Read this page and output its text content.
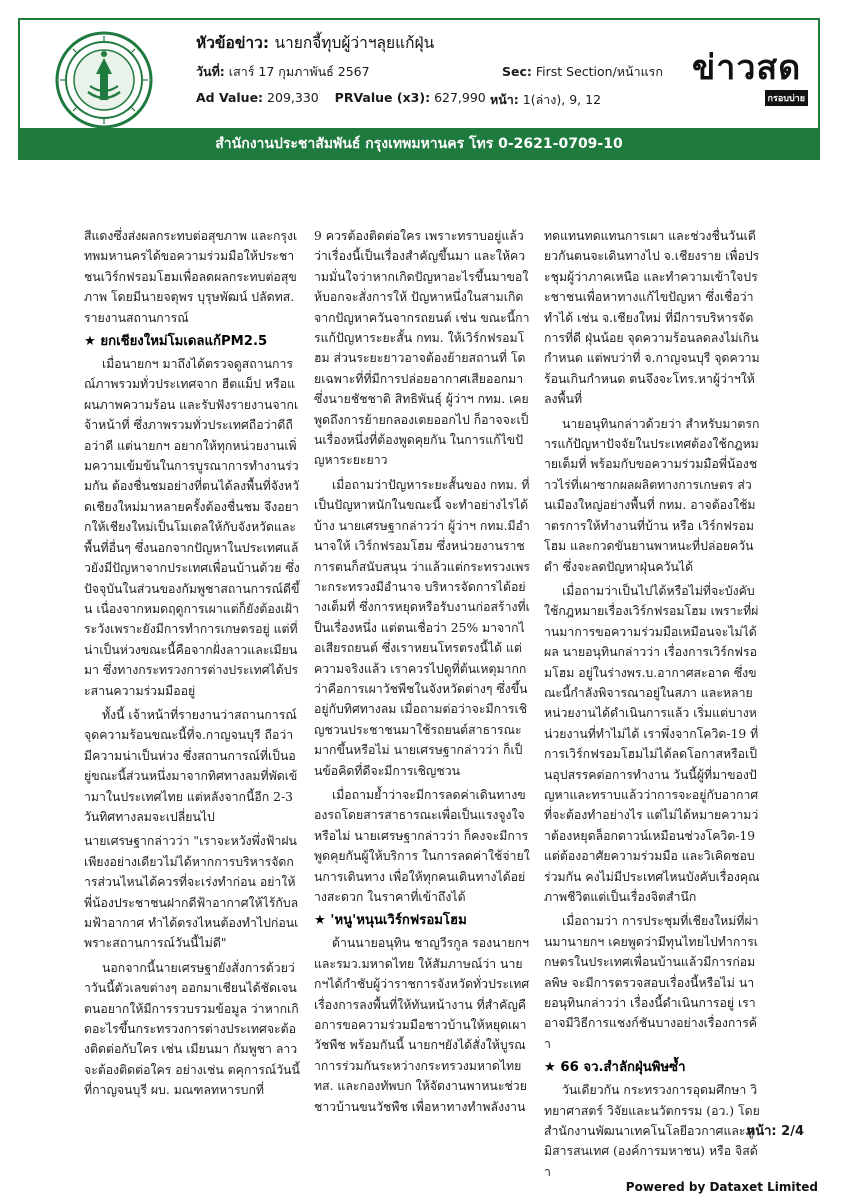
หัวข้อข่าว: นายกจี้ทุบผู้ว่าฯลุยแก้ฝุ่น
วันที่: เสาร์ 17 กุมภาพันธ์ 2567	Sec: First Section/หน้าแรก
Ad Value: 209,330 PRValue (x3): 627,990 หน้า: 1(ล่าง), 9, 12
ข่าวสด
กรอบบ่าย
สำนักงานประชาสัมพันธ์ กรุงเทพมหานคร โทร 0-2621-0709-10

สีแดงซึ่งส่งผลกระทบต่อสุขภาพ และกรุงเทพมหานครได้ขอความร่วมมือให้ประชาชนเวิร์กฟรอมโฮมเพื่อลดผลกระทบต่อสุขภาพ โดยมีนายจตุพร บุรุษพัฒน์ ปลัดทส. รายงานสถานการณ์

★ ยกเชียงใหม่โมเดลแก้PM2.5

เมื่อนายกฯ มาถึงได้ตรวจดูสถานการณ์ภาพรวมทั่วประเทศจาก ฮีตแม็ป หรือแผนภาพความร้อน และรับฟังรายงานจากเจ้าหน้าที่ ซึ่งภาพรวมทั่วประเทศถือว่าดีถือว่าดี แต่นายกฯ อยากให้ทุกหน่วยงานเพิ่มความเข้มข้นในการบูรณาการทำงานร่วมกัน ต้องชื่นชมอย่างที่ตนได้ลงพื้นที่จังหวัดเชียงใหม่มาหลายครั้งต้องชื่นชม จึงอยากให้เชียงใหม่เป็นโมเดลให้กับจังหวัดและพื้นที่อื่นๆ ซึ่งนอกจากปัญหาในประเทศแล้วยังมีปัญหาจากประเทศเพื่อนบ้านด้วย ซึ่งปัจจุบันในส่วนของกัมพูชาสถานการณ์ดีขึ้น เนื่องจากหมดฤดูการเผาแต่ก็ยังต้องเฝ้าระวังเพราะยังมีการทำการเกษตรอยู่ แต่ที่น่าเป็นห่วงขณะนี้คือจากฝั่งลาวและเมียนมา ซึ่งทางกระทรวงการต่างประเทศได้ประสานความร่วมมืออยู่

ทั้งนี้ เจ้าหน้าที่รายงานว่าสถานการณ์จุดความร้อนขณะนี้ที่จ.กาญจนบุรี ถือว่ามีความน่าเป็นห่วง ซึ่งสถานการณ์ที่เป็นอยู่ขณะนี้ส่วนหนึ่งมาจากทิศทางลมที่พัดเข้ามาในประเทศไทย แต่หลังจากนี้อีก 2-3 วันทิศทางลมจะเปลี่ยนไป

นายเศรษฐากล่าวว่า "เราจะหวังพึ่งฟ้าฝนเพียงอย่างเดียวไม่ได้หากการบริหารจัดการส่วนไหนได้ควรที่จะเร่งทำก่อน อย่าให้พี่น้องประชาชนฝากดีฟ้าอากาศให้ไร้กับลมฟ้าอากาศ ทำได้ตรงไหนต้องทำไปก่อนเพราะสถานการณ์วันนี้ไม่ดี"

นอกจากนี้นายเศรษฐายังสั่งการด้วยว่าวันนี้ตัวเลขต่างๆ ออกมาเชียนได้ชัดเจนตนอยากให้มีการรวบรวมข้อมูล ว่าหากเกิดอะไรขึ้นกระทรวงการต่างประเทศจะต้องติดต่อกับใคร เช่น เมียนมา กัมพูชา ลาว จะต้องติดต่อใคร อย่างเช่น ตคุการณ์วันนี้ที่กาญจนบุรี ผบ. มณฑลทหารบกที่

9 ควรต้องติดต่อใคร เพราะทราบอยู่แล้วว่าเรื่องนี้เป็นเรื่องสำคัญขึ้นมา และให้ความมั่นใจว่าหากเกิดปัญหาอะไรขึ้นมาขอให้บอกจะสั่งการให้ ปัญหาหนึ่งในสามเกิดจากปัญหาควันจากรถยนต์ เช่น ขณะนี้การแก้ปัญหาระยะสั้น กทม. ให้เวิร์กฟรอมโฮม ส่วนระยะยาวอาจต้องย้ายสถานที่ โดยเฉพาะที่ที่มีการปล่อยอากาศเสียออกมา ซึ่งนายชัชชาติ สิทธิพันธุ์ ผู้ว่าฯ กทม. เคยพูดถึงการย้ายกลองเตยออกไป ก็อาจจะเป็นเรื่องหนึ่งที่ต้องพูดคุยกัน ในการแก้ไขปัญหาระยะยาว

เมื่อถามว่าปัญหาระยะสั้นของ กทม. ที่เป็นปัญหาหนักในขณะนี้ จะทำอย่างไรได้บ้าง นายเศรษฐากล่าวว่า ผู้ว่าฯ กทม.มีอำนาจให้ เวิร์กฟรอมโฮม ซึ่งหน่วยงานราชการตนก็สนับสนุน ว่าแล้วแต่กระทรวงเพราะกระทรวงมีอำนาจ บริหารจัดการได้อย่างเต็มที่ ซึ่งการหยุดหรือรับงานก่อสร้างที่เป็นเรื่องหนึ่ง แต่ตนเชื่อว่า 25% มาจากไอเสียรถยนต์ ซึ่งเราหยนโทรตรงนี้ได้ แต่ความจริงแล้ว เราควรไปดูที่ต้นเหตุมากกว่าคือการเผาวัชพืชในจังหวัดต่างๆ ซึ่งขึ้นอยู่กับทิศทางลม เมื่อถามต่อว่าจะมีการเชิญชวนประชาชนมาใช้รถยนต์สาธารณะ มากขึ้นหรือไม่ นายเศรษฐากล่าวว่า ก็เป็นข้อคิดที่ดีจะมีการเชิญชวน

เมื่อถามย้ำว่าจะมีการลดค่าเดินทางของรถโดยสารสาธารณะเพื่อเป็นแรงจูงใจหรือไม่ นายเศรษฐากล่าวว่า ก็คงจะมีการพูดคุยกันผู้ให้บริการ ในการลดค่าใช้จ่ายในการเดินทาง เพื่อให้ทุกคนเดินทางได้อย่างสะดวก ในราคาที่เข้าถึงได้

★ 'หนู'หนุนเวิร์กฟรอมโฮม

ด้านนายอนุทิน ชาญวีรกูล รองนายกฯ และรมว.มหาดไทย ให้สัมภาษณ์ว่า นายกฯได้กำชับผู้ว่าราชการจังหวัดทั่วประเทศเรื่องการลงพื้นที่ให้ทันหน้างาน ที่สำคัญคือการขอความร่วมมือชาวบ้านให้หยุดเผาวัชพืช พร้อมกันนี้ นายกฯยังได้สั่งให้บูรณาการร่วมกันระหว่างกระทรวงมหาดไทย ทส. และกองทัพบก ให้จัดงานพาหนะช่วยชาวบ้านขนวัชพืช เพื่อหาทางทำพลังงาน

ทดแทนทดแทนการเผา และช่วงชื่นวันเดียวกันตนจะเดินทางไป จ.เชียงราย เพื่อประชุมผู้ว่าภาคเหนือ และทำความเข้าใจประชาชนเพื่อหาทางแก้ไขปัญหา ซึ่งเชื่อว่าทำได้ เช่น จ.เชียงใหม่ ที่มีการบริหารจัดการที่ดี ฝุ่นน้อย จุดความร้อนลดลงไม่เกินกำหนด แต่พบว่าที่ จ.กาญจนบุรี จุดความร้อนเกินกำหนด ตนจึงจะโทร.หาผู้ว่าฯให้ลงพื้นที่

นายอนุทินกล่าวด้วยว่า สำหรับมาตรการแก้ปัญหาปัจจัยในประเทศต้องใช้กฎหมายเต็มที่ พร้อมกับขอความร่วมมือพี่น้องชาวไร่ที่เผาซากผลผลิตทางการเกษตร ส่วนเมืองใหญ่อย่างพื้นที่ กทม. อาจต้องใช้มาตรการให้ทำงานที่บ้าน หรือ เวิร์กฟรอมโฮม และกวดขันยานพาหนะที่ปล่อยควันดำ ซึ่งจะลดปัญหาฝุ่นควันได้

เมื่อถามว่าเป็นไปได้หรือไม่ที่จะบังคับใช้กฎหมายเรื่องเวิร์กฟรอมโฮม เพราะที่ผ่านมาการขอความร่วมมือเหมือนจะไม่ได้ผล นายอนุทินกล่าวว่า เรื่องการเวิร์กฟรอมโฮม อยู่ในร่างพร.บ.อากาศสะอาด ซึ่งขณะนี้กำลังพิจารณาอยู่ในสภา และหลายหน่วยงานได้ดำเนินการแล้ว เริ่มแต่บางหน่วยงานที่ทำไม่ได้ เราพึ่งจากโควิด-19 ที่การเวิร์กฟรอมโฮมไม่ได้ลดโอกาสหรือเป็นอุปสรรคต่อการทำงาน วันนี้ผู้ที่มาของปัญหาและทราบแล้วว่าการจะอยู่กับอากาศที่จะต้องทำอย่างไร แต่ไม่ได้หมายความว่าต้องหยุดล็อกดาวน์เหมือนช่วงโควิด-19 แต่ต้องอาศัยความร่วมมือ และวิเคิดชอบร่วมกัน คงไม่มีประเทศไหนบังคับเรื่องคุณภาพชีวิตแต่เป็นเรื่องจิตสำนึก

เมื่อถามว่า การประชุมที่เชียงใหม่ที่ผ่านมานายกฯ เคยพูดว่ามีทุนไทยไปทำการเกษตรในประเทศเพื่อนบ้านแล้วมีการก่อมลพิษ จะมีการตรวจสอบเรื่องนี้หรือไม่ นายอนุทินกล่าวว่า เรื่องนี้ดำเนินการอยู่ เราอาจมีวิธีการแชงก์ชันบางอย่างเรื่องการค้า

★ 66 จว.สำลักฝุ่นพิษซ้ำ

วันเดียวกัน กระทรวงการอุดมศึกษา วิทยาศาสตร์ วิจัยและนวัตกรรม (อว.) โดยสำนักงานพัฒนาเทคโนโลยีอวกาศและภูมิสารสนเทศ (องค์การมหาชน) หรือ จิสด้า

หน้า: 2/4
Powered by Dataxet Limited
